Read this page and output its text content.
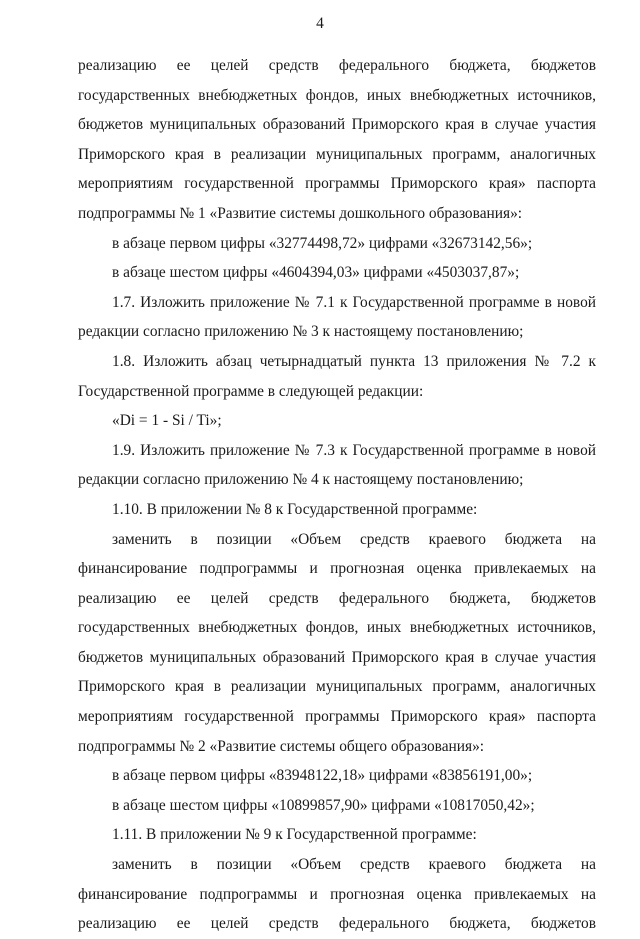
4
реализацию ее целей средств федерального бюджета, бюджетов
государственных внебюджетных фондов, иных внебюджетных источников,
бюджетов муниципальных образований Приморского края в случае участия
Приморского края в реализации муниципальных программ, аналогичных
мероприятиям государственной программы Приморского края» паспорта
подпрограммы № 1 «Развитие системы дошкольного образования»:
в абзаце первом цифры «32774498,72» цифрами «32673142,56»;
в абзаце шестом цифры «4604394,03» цифрами «4503037,87»;
1.7. Изложить приложение № 7.1 к Государственной программе в новой
редакции согласно приложению № 3 к настоящему постановлению;
1.8. Изложить абзац четырнадцатый пункта 13 приложения № 7.2 к
Государственной программе в следующей редакции:
«Di = 1 - Si / Ti»;
1.9. Изложить приложение № 7.3 к Государственной программе в новой
редакции согласно приложению № 4 к настоящему постановлению;
1.10. В приложении № 8 к Государственной программе:
заменить в позиции «Объем средств краевого бюджета на
финансирование подпрограммы и прогнозная оценка привлекаемых на
реализацию ее целей средств федерального бюджета, бюджетов
государственных внебюджетных фондов, иных внебюджетных источников,
бюджетов муниципальных образований Приморского края в случае участия
Приморского края в реализации муниципальных программ, аналогичных
мероприятиям государственной программы Приморского края» паспорта
подпрограммы № 2 «Развитие системы общего образования»:
в абзаце первом цифры «83948122,18» цифрами «83856191,00»;
в абзаце шестом цифры «10899857,90» цифрами «10817050,42»;
1.11. В приложении № 9 к Государственной программе:
заменить в позиции «Объем средств краевого бюджета на
финансирование подпрограммы и прогнозная оценка привлекаемых на
реализацию ее целей средств федерального бюджета, бюджетов
